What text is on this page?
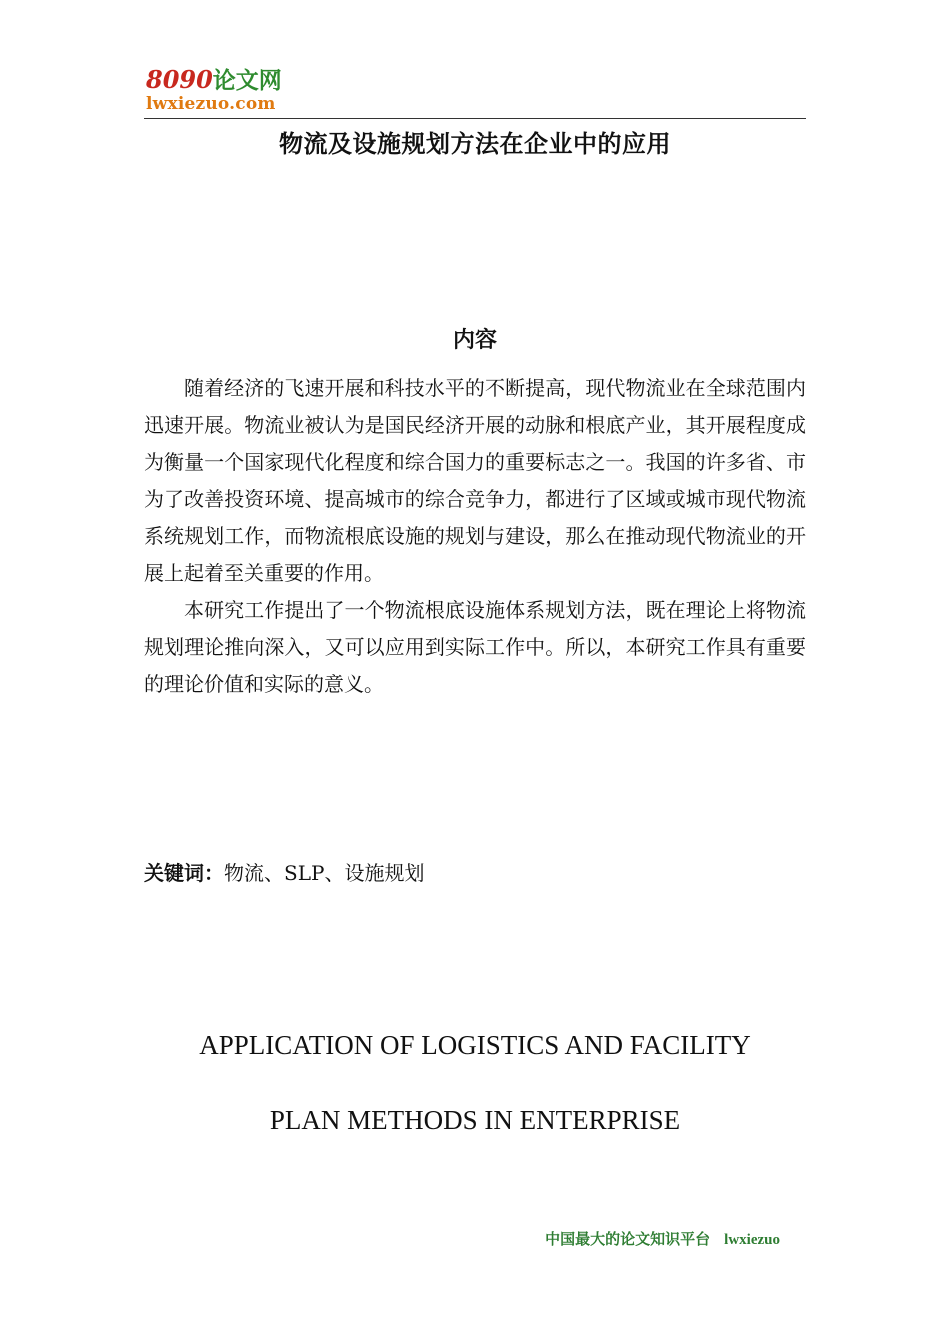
8090论文网
lwxiezuo.com
物流及设施规划方法在企业中的应用
内容

随着经济的飞速开展和科技水平的不断提高，现代物流业在全球范围内迅速开展。物流业被认为是国民经济开展的动脉和根底产业，其开展程度成为衡量一个国家现代化程度和综合国力的重要标志之一。我国的许多省、市为了改善投资环境、提高城市的综合竞争力，都进行了区域或城市现代物流系统规划工作，而物流根底设施的规划与建设，那么在推动现代物流业的开展上起着至关重要的作用。

本研究工作提出了一个物流根底设施体系规划方法，既在理论上将物流规划理论推向深入，又可以应用到实际工作中。所以，本研究工作具有重要的理论价值和实际的意义。

关键词：物流、SLP、设施规划
APPLICATION OF LOGISTICS AND FACILITY
PLAN METHODS IN ENTERPRISE
中国最大的论文知识平台 lwxiezuo
